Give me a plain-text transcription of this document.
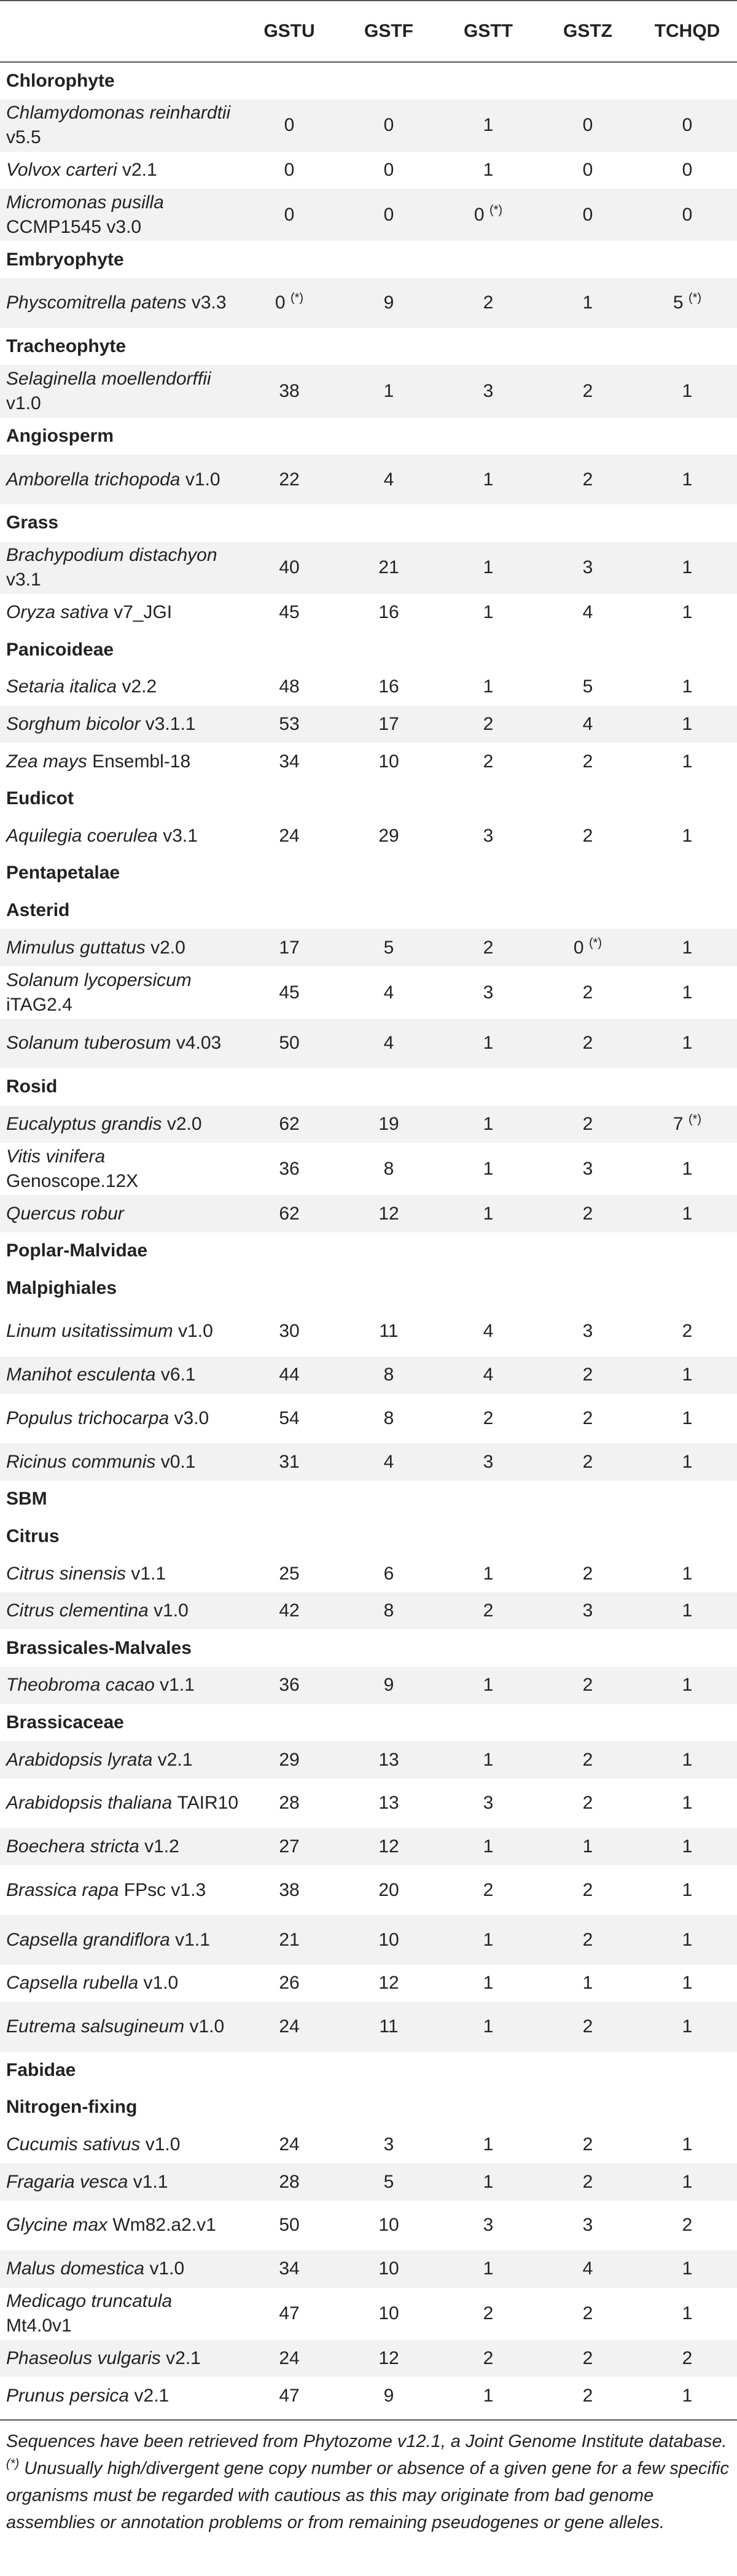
	GSTU	GSTF	GSTT	GSTZ	TCHQD
Chlorophyte					
Chlamydomonas reinhardtii v5.5	0	0	1	0	0
Volvox carteri v2.1	0	0	1	0	0
Micromonas pusilla CCMP1545 v3.0	0	0	0 (*)	0	0
Embryophyte					
Physcomitrella patens v3.3	0 (*)	9	2	1	5 (*)
Tracheophyte					
Selaginella moellendorffii v1.0	38	1	3	2	1
Angiosperm					
Amborella trichopoda v1.0	22	4	1	2	1
Grass					
Brachypodium distachyon v3.1	40	21	1	3	1
Oryza sativa v7_JGI	45	16	1	4	1
Panicoideae					
Setaria italica v2.2	48	16	1	5	1
Sorghum bicolor v3.1.1	53	17	2	4	1
Zea mays Ensembl-18	34	10	2	2	1
Eudicot					
Aquilegia coerulea v3.1	24	29	3	2	1
Pentapetalae					
Asterid					
Mimulus guttatus v2.0	17	5	2	0 (*)	1
Solanum lycopersicum iTAG2.4	45	4	3	2	1
Solanum tuberosum v4.03	50	4	1	2	1
Rosid					
Eucalyptus grandis v2.0	62	19	1	2	7 (*)
Vitis vinifera Genoscope.12X	36	8	1	3	1
Quercus robur	62	12	1	2	1
Poplar-Malvidae					
Malpighiales					
Linum usitatissimum v1.0	30	11	4	3	2
Manihot esculenta v6.1	44	8	4	2	1
Populus trichocarpa v3.0	54	8	2	2	1
Ricinus communis v0.1	31	4	3	2	1
SBM					
Citrus					
Citrus sinensis v1.1	25	6	1	2	1
Citrus clementina v1.0	42	8	2	3	1
Brassicales-Malvales					
Theobroma cacao v1.1	36	9	1	2	1
Brassicaceae					
Arabidopsis lyrata v2.1	29	13	1	2	1
Arabidopsis thaliana TAIR10	28	13	3	2	1
Boechera stricta v1.2	27	12	1	1	1
Brassica rapa FPsc v1.3	38	20	2	2	1
Capsella grandiflora v1.1	21	10	1	2	1
Capsella rubella v1.0	26	12	1	1	1
Eutrema salsugineum v1.0	24	11	1	2	1
Fabidae					
Nitrogen-fixing					
Cucumis sativus v1.0	24	3	1	2	1
Fragaria vesca v1.1	28	5	1	2	1
Glycine max Wm82.a2.v1	50	10	3	3	2
Malus domestica v1.0	34	10	1	4	1
Medicago truncatula Mt4.0v1	47	10	2	2	1
Phaseolus vulgaris v2.1	24	12	2	2	2
Prunus persica v2.1	47	9	1	2	1
Sequences have been retrieved from Phytozome v12.1, a Joint Genome Institute database. (*) Unusually high/divergent gene copy number or absence of a given gene for a few specific organisms must be regarded with cautious as this may originate from bad genome assemblies or annotation problems or from remaining pseudogenes or gene alleles.
